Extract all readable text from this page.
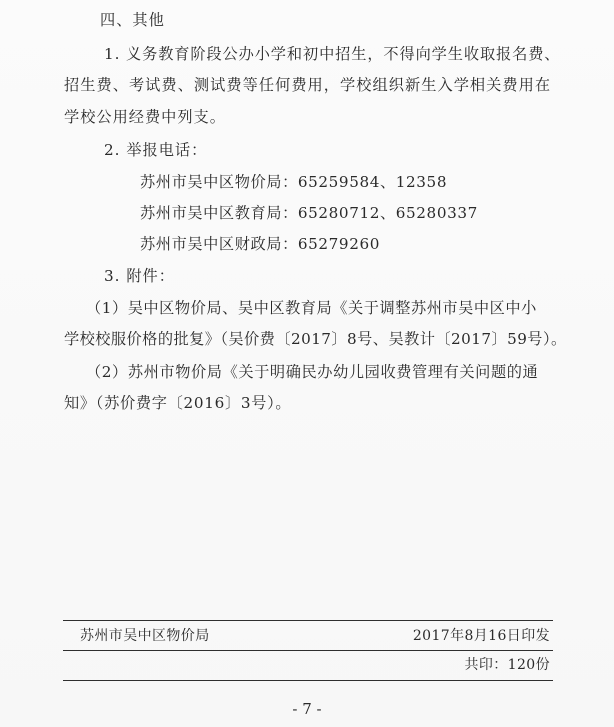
四、其他
1. 义务教育阶段公办小学和初中招生，不得向学生收取报名费、
招生费、考试费、测试费等任何费用，学校组织新生入学相关费用在
学校公用经费中列支。
2. 举报电话：
苏州市吴中区物价局：65259584、12358
苏州市吴中区教育局：65280712、65280337
苏州市吴中区财政局：65279260
3. 附件：
（1）吴中区物价局、吴中区教育局《关于调整苏州市吴中区中小
学校校服价格的批复》（吴价费〔2017〕8号、吴教计〔2017〕59号）。
（2）苏州市物价局《关于明确民办幼儿园收费管理有关问题的通
知》（苏价费字〔2016〕3号）。
苏州市吴中区物价局	2017年8月16日印发
共印：120份
- 7 -
